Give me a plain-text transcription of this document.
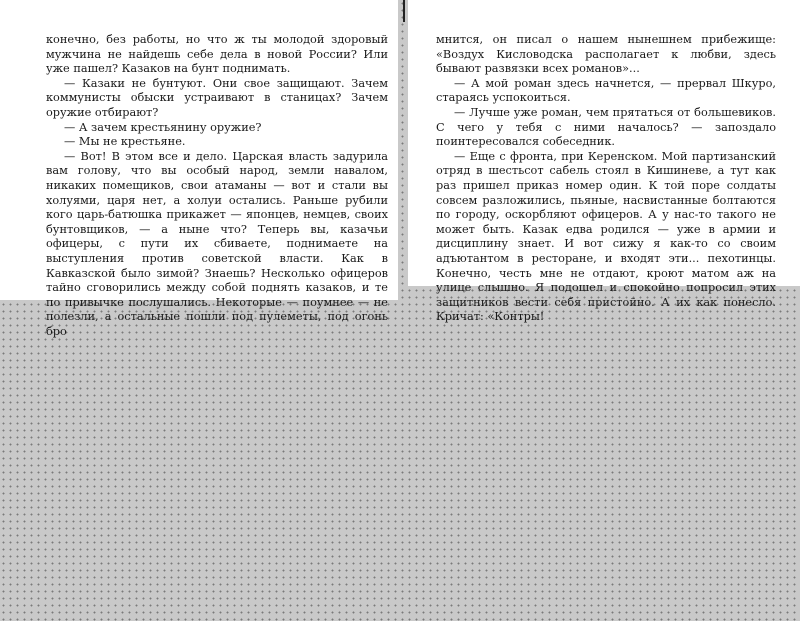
конечно, без работы, но что ж ты молодой здоровый мужчина не найдешь себе дела в новой России? Или уже пашел? Казаков на бунт поднимать.

— Казаки не бунтуют. Они свое защищают. Зачем коммунисты обыски устраивают в станицах? Зачем оружие отбирают?

— А зачем крестьянину оружие?

— Мы не крестьяне.

— Вот! В этом все и дело. Царская власть задурила вам голову, что вы особый народ, земли навалом, никаких помещиков, свои атаманы — вот и стали вы холуями, царя нет, а холуи остались. Раньше рубили кого царь-батюшка прикажет — японцев, немцев, своих бунтовщиков, — а ныне что? Теперь вы, казачьи офицеры, с пути их сбиваете, поднимаете на выступления против советской власти. Как в Кавказской было зимой? Знаешь? Несколько офицеров тайно сговорились между собой поднять казаков, и те по привычке послушались. Некоторые — поумнее — не полезли, а остальные пошли под пулеметы, под огонь бро

мнится, он писал о нашем нынешнем прибежище: «Воздух Кисловодска располагает к любви, здесь бывают развязки всех романов»...

— А мой роман здесь начнется, — прервал Шкуро, стараясь успокоиться.

— Лучше уже роман, чем прятаться от большевиков. С чего у тебя с ними началось? — запоздало поинтересовался собеседник.

— Еще с фронта, при Керенском. Мой партизанский отряд в шестьсот сабель стоял в Кишиневе, а тут как раз пришел приказ номер один. К той поре солдаты совсем разложились, пьяные, насвистанные болтаются по городу, оскорбляют офицеров. А у нас-то такого не может быть. Казак едва родился — уже в армии и дисциплину знает. И вот сижу я как-то со своим адъютантом в ресторане, и входят эти... пехотинцы. Конечно, честь мне не отдают, кроют матом аж на улице слышно. Я подошел и спокойно попросил этих защитников вести себя пристойно. А их как понесло. Кричат: «Контры!
